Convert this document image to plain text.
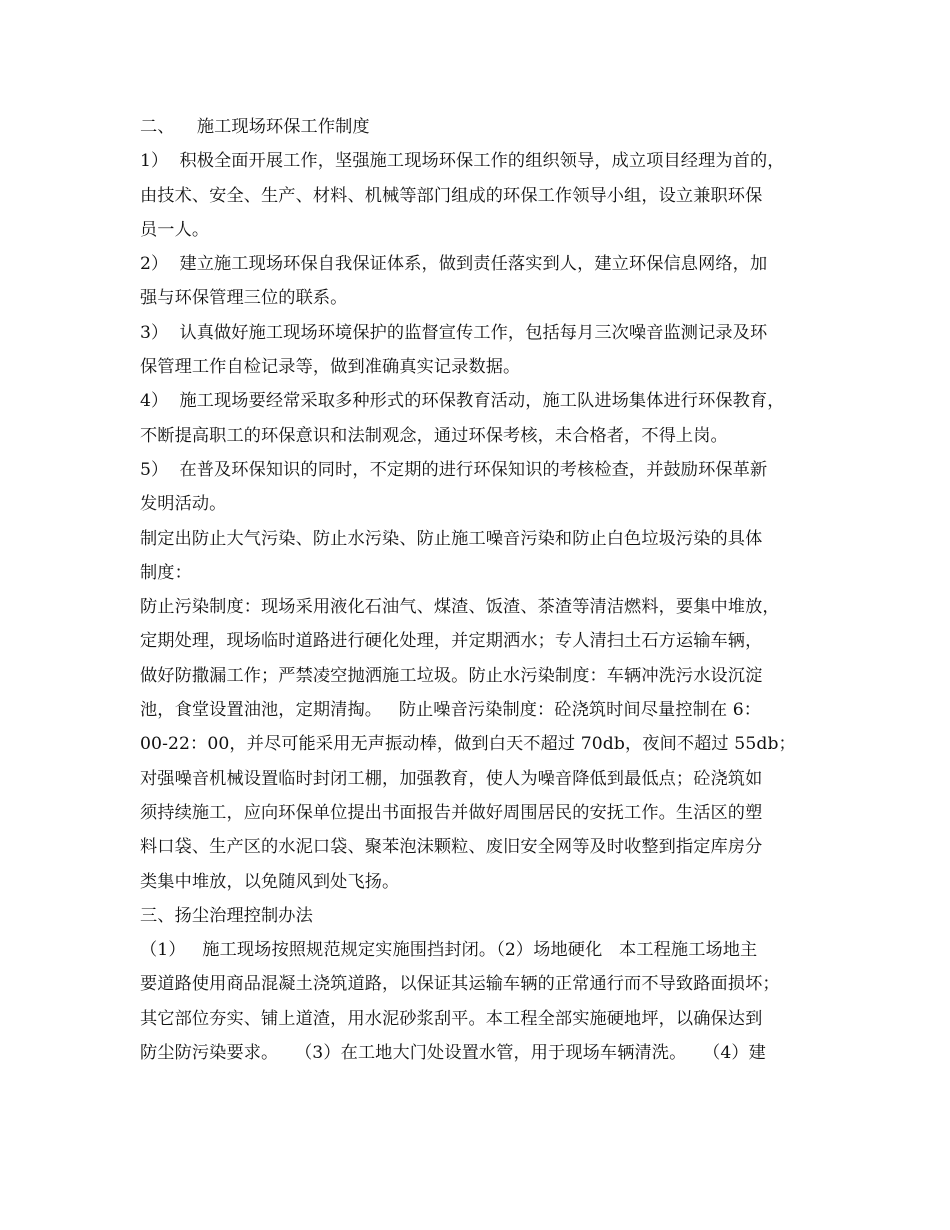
二、    施工现场环保工作制度
1）  积极全面开展工作，坚强施工现场环保工作的组织领导，成立项目经理为首的，
由技术、安全、生产、材料、机械等部门组成的环保工作领导小组，设立兼职环保
员一人。
2）  建立施工现场环保自我保证体系，做到责任落实到人，建立环保信息网络，加
强与环保管理三位的联系。
3）  认真做好施工现场环境保护的监督宣传工作，包括每月三次噪音监测记录及环
保管理工作自检记录等，做到准确真实记录数据。
4）  施工现场要经常采取多种形式的环保教育活动，施工队进场集体进行环保教育，
不断提高职工的环保意识和法制观念，通过环保考核，未合格者，不得上岗。
5）  在普及环保知识的同时，不定期的进行环保知识的考核检查，并鼓励环保革新
发明活动。
制定出防止大气污染、防止水污染、防止施工噪音污染和防止白色垃圾污染的具体
制度：
防止污染制度：现场采用液化石油气、煤渣、饭渣、茶渣等清洁燃料，要集中堆放，
定期处理，现场临时道路进行硬化处理，并定期洒水；专人清扫土石方运输车辆，
做好防撒漏工作；严禁凌空抛洒施工垃圾。防止水污染制度：车辆冲洗污水设沉淀
池，食堂设置油池，定期清掏。   防止噪音污染制度：砼浇筑时间尽量控制在 6：
00-22：00，并尽可能采用无声振动棒，做到白天不超过 70db，夜间不超过 55db；
对强噪音机械设置临时封闭工棚，加强教育，使人为噪音降低到最低点；砼浇筑如
须持续施工，应向环保单位提出书面报告并做好周围居民的安抚工作。生活区的塑
料口袋、生产区的水泥口袋、聚苯泡沫颗粒、废旧安全网等及时收整到指定库房分
类集中堆放，以免随风到处飞扬。
三、扬尘治理控制办法
（1）   施工现场按照规范规定实施围挡封闭。（2）场地硬化   本工程施工场地主
要道路使用商品混凝土浇筑道路，以保证其运输车辆的正常通行而不导致路面损坏；
其它部位夯实、铺上道渣，用水泥砂浆刮平。本工程全部实施硬地坪，以确保达到
防尘防污染要求。   （3）在工地大门处设置水管，用于现场车辆清洗。   （4）建
